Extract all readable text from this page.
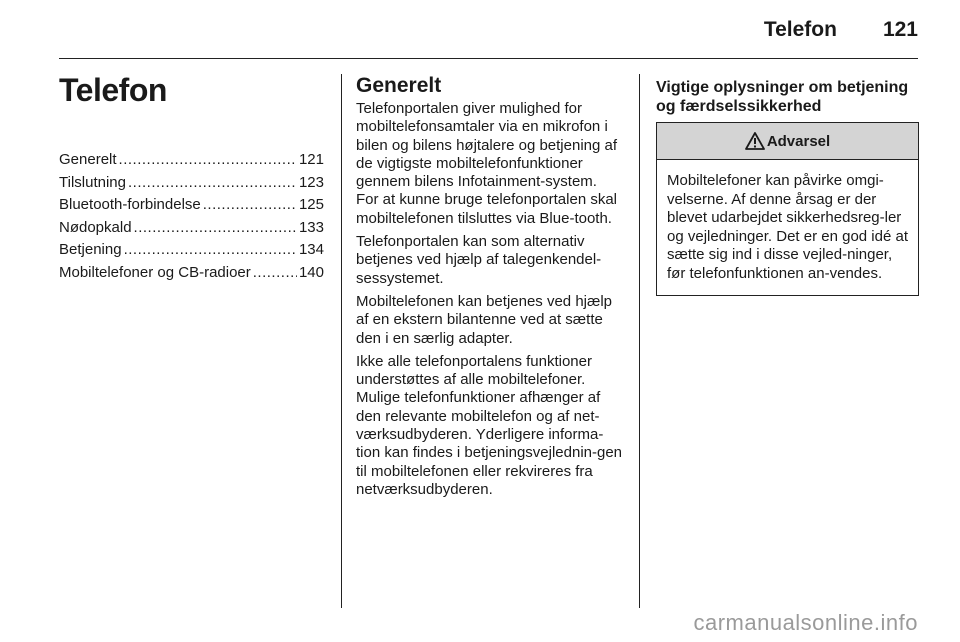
Telefon 121
Telefon
Generelt .....	121
Tilslutning .....	123
Bluetooth-forbindelse .....	125
Nødopkald .....	133
Betjening .....	134
Mobiltelefoner og CB-radioer .....	140
Generelt

Telefonportalen giver mulighed for mobiltelefonsamtaler via en mikrofon i bilen og bilens højtalere og betjening af de vigtigste mobiltelefonfunktioner gennem bilens Infotainment-system. For at kunne bruge telefonportalen skal mobiltelefonen tilsluttes via Blue-tooth.

Telefonportalen kan som alternativ betjenes ved hjælp af talegenkendel-sessystemet.

Mobiltelefonen kan betjenes ved hjælp af en ekstern bilantenne ved at sætte den i en særlig adapter.

Ikke alle telefonportalens funktioner understøttes af alle mobiltelefoner. Mulige telefonfunktioner afhænger af den relevante mobiltelefon og af net-værksudbyderen. Yderligere informa-tion kan findes i betjeningsvejlednin-gen til mobiltelefonen eller rekvireres fra netværksudbyderen.

Vigtige oplysninger om betjening og færdselssikkerhed
Advarsel

Mobiltelefoner kan påvirke omgi-velserne. Af denne årsag er der blevet udarbejdet sikkerhedsreg-ler og vejledninger. Det er en god idé at sætte sig ind i disse vejled-ninger, før telefonfunktionen an-vendes.

carmanualsonline.info
